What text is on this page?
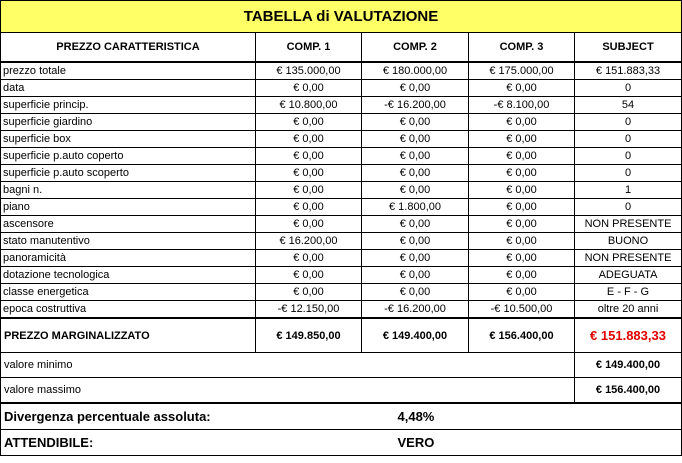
TABELLA di VALUTAZIONE				
PREZZO CARATTERISTICA	COMP. 1	COMP. 2	COMP. 3	SUBJECT
prezzo totale	€ 135.000,00	€ 180.000,00	€ 175.000,00	€ 151.883,33
data	€ 0,00	€ 0,00	€ 0,00	0
superficie princip.	€ 10.800,00	-€ 16.200,00	-€ 8.100,00	54
superficie giardino	€ 0,00	€ 0,00	€ 0,00	0
superficie box	€ 0,00	€ 0,00	€ 0,00	0
superficie p.auto coperto	€ 0,00	€ 0,00	€ 0,00	0
superficie p.auto scoperto	€ 0,00	€ 0,00	€ 0,00	0
bagni n.	€ 0,00	€ 0,00	€ 0,00	1
piano	€ 0,00	€ 1.800,00	€ 0,00	0
ascensore	€ 0,00	€ 0,00	€ 0,00	NON PRESENTE
stato manutentivo	€ 16.200,00	€ 0,00	€ 0,00	BUONO
panoramicità	€ 0,00	€ 0,00	€ 0,00	NON PRESENTE
dotazione tecnologica	€ 0,00	€ 0,00	€ 0,00	ADEGUATA
classe energetica	€ 0,00	€ 0,00	€ 0,00	E - F - G
epoca costruttiva	-€ 12.150,00	-€ 16.200,00	-€ 10.500,00	oltre 20 anni
PREZZO MARGINALIZZATO	€ 149.850,00	€ 149.400,00	€ 156.400,00	€ 151.883,33
valore minimo				€ 149.400,00
valore massimo				€ 156.400,00
Divergenza percentuale assoluta:		4,48%		
ATTENDIBILE:		VERO		
